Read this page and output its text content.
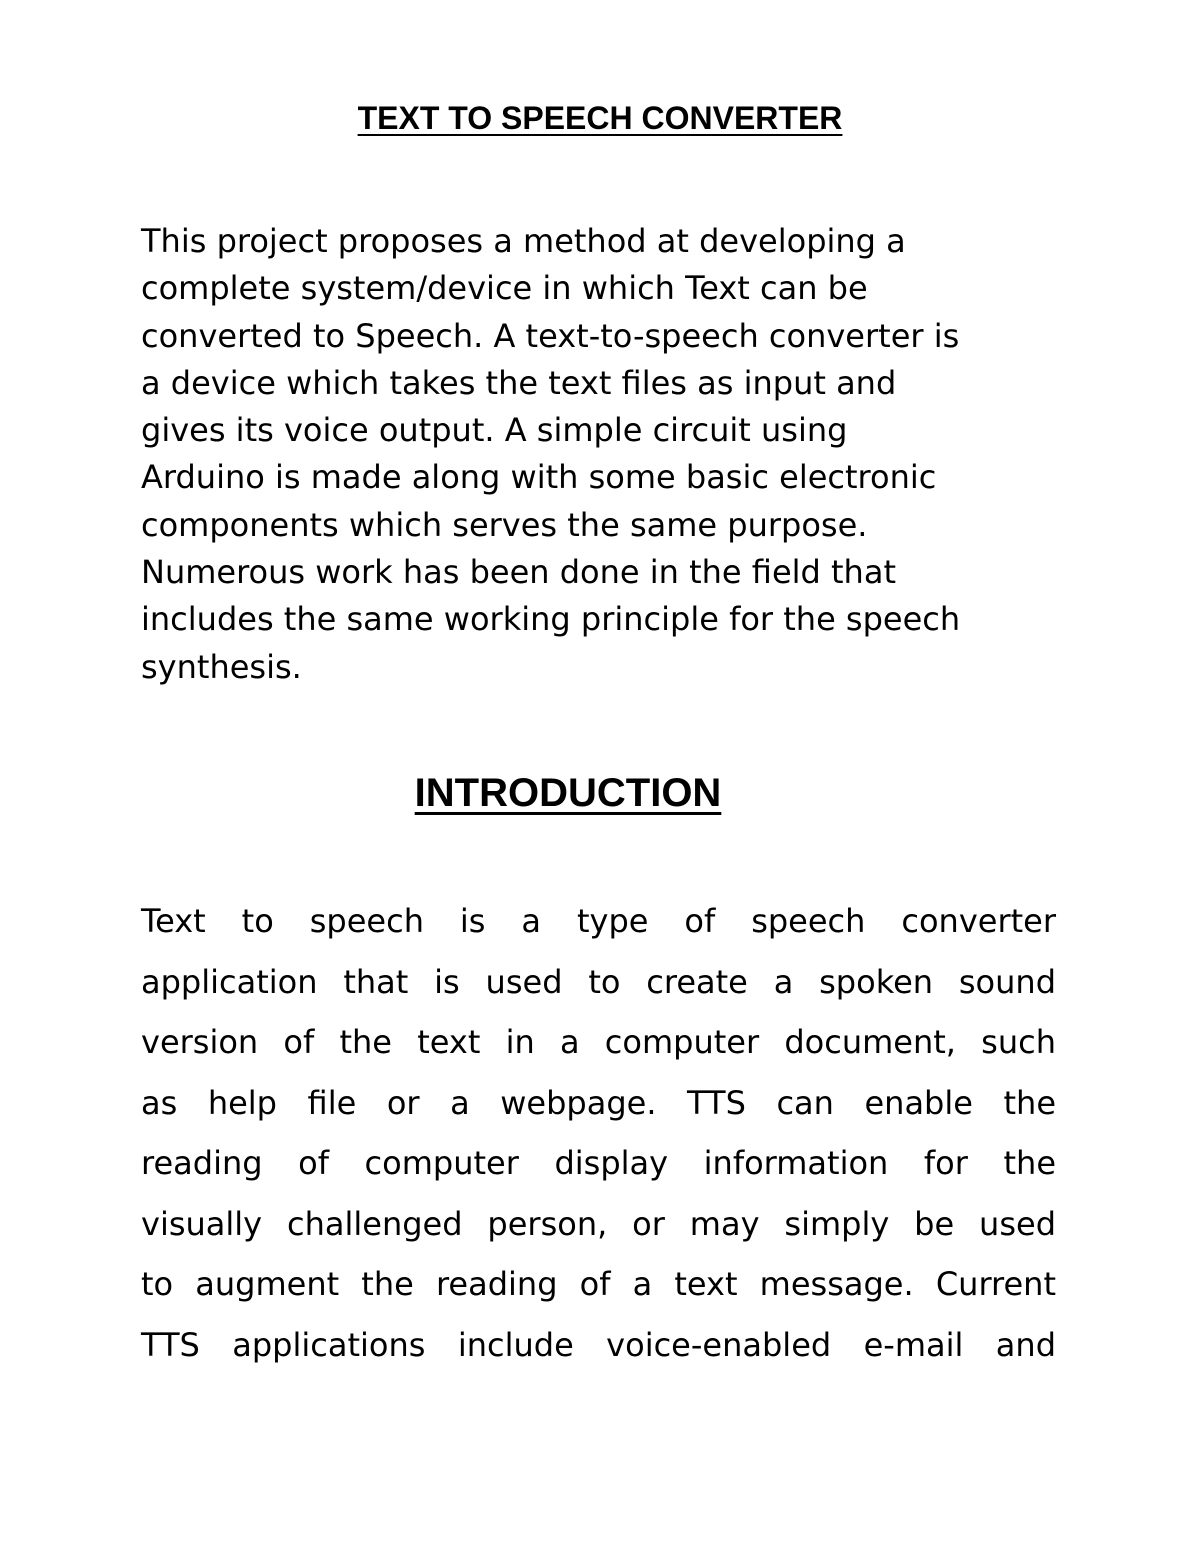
TEXT TO SPEECH CONVERTER
This project proposes a method at developing a
complete system/device in which Text can be
converted to Speech. A text-to-speech converter is
a device which takes the text files as input and
gives its voice output. A simple circuit using
Arduino is made along with some basic electronic
components which serves the same purpose.
Numerous work has been done in the field that
includes the same working principle for the speech
synthesis.
INTRODUCTION
Text to speech is a type of speech converter
application that is used to create a spoken sound
version of the text in a computer document, such
as help file or a webpage. TTS can enable the
reading of computer display information for the
visually challenged person, or may simply be used
to augment the reading of a text message. Current
TTS applications include voice-enabled e-mail and
